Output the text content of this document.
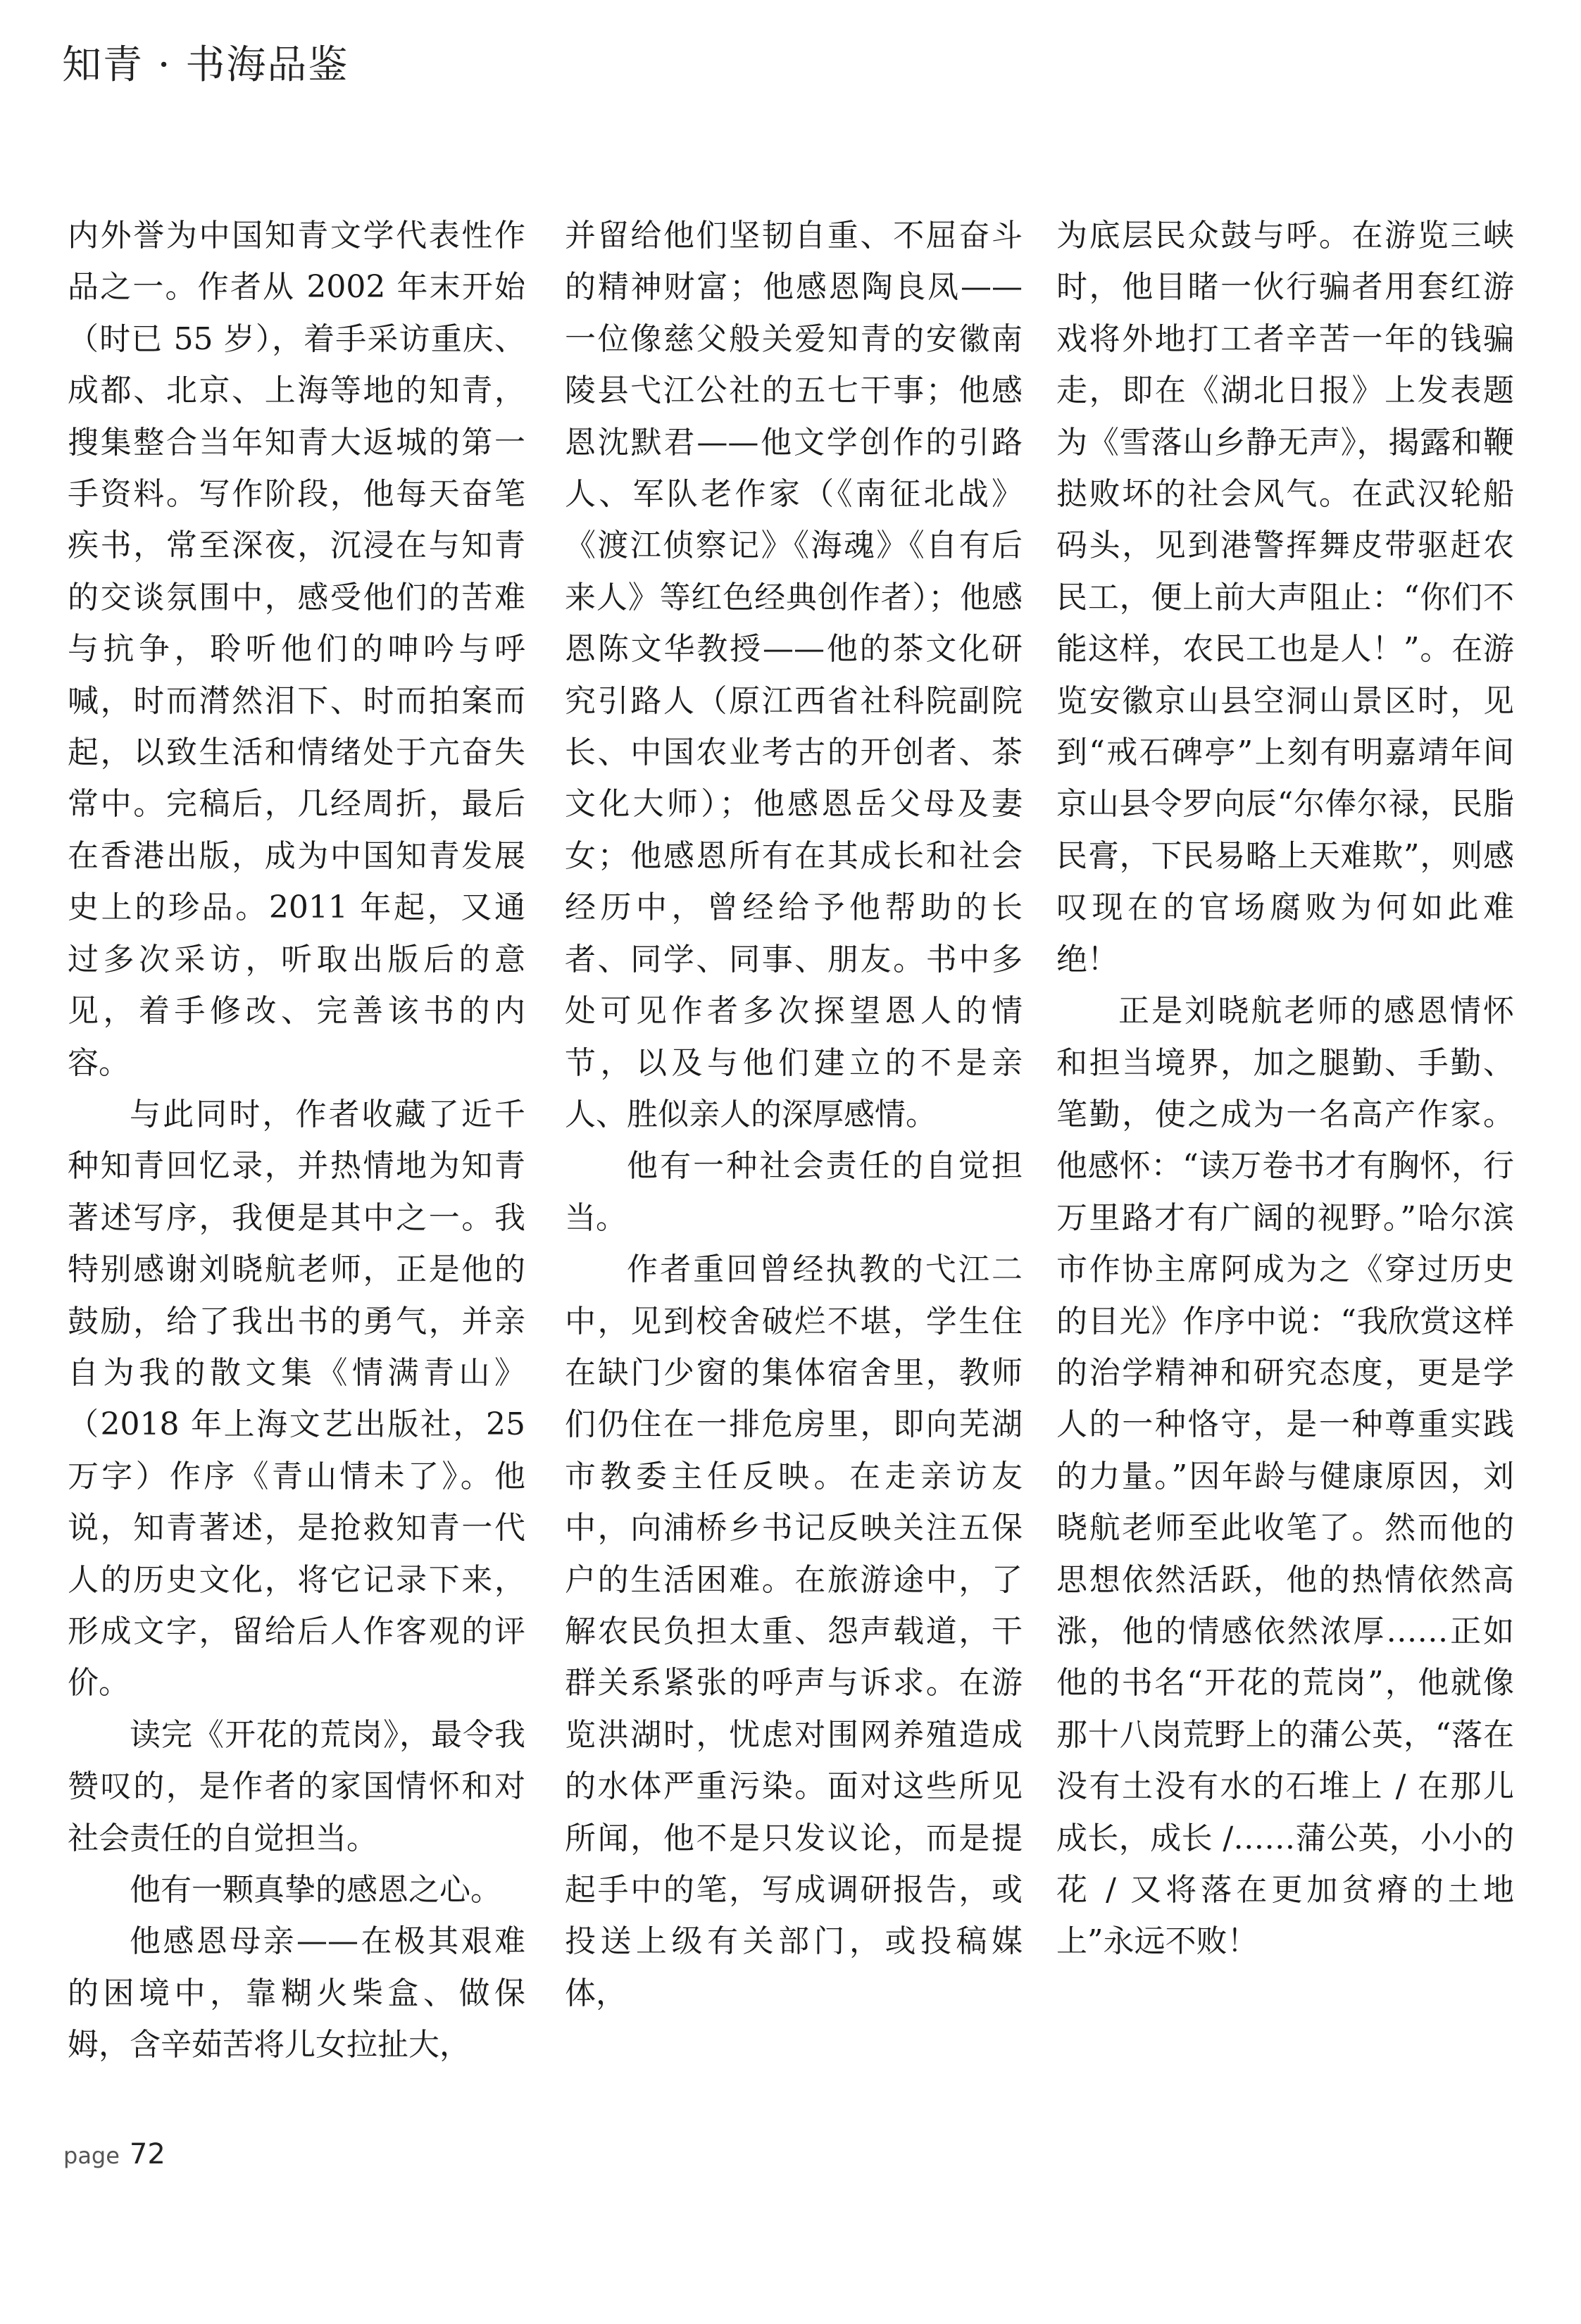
知青 · 书海品鉴

内外誉为中国知青文学代表性作品之一。作者从 2002 年末开始（时已 55 岁），着手采访重庆、成都、北京、上海等地的知青，搜集整合当年知青大返城的第一手资料。写作阶段，他每天奋笔疾书，常至深夜，沉浸在与知青的交谈氛围中，感受他们的苦难与抗争，聆听他们的呻吟与呼喊，时而潸然泪下、时而拍案而起，以致生活和情绪处于亢奋失常中。完稿后，几经周折，最后在香港出版，成为中国知青发展史上的珍品。2011 年起，又通过多次采访，听取出版后的意见，着手修改、完善该书的内容。

与此同时，作者收藏了近千种知青回忆录，并热情地为知青著述写序，我便是其中之一。我特别感谢刘晓航老师，正是他的鼓励，给了我出书的勇气，并亲自为我的散文集《情满青山》（2018 年上海文艺出版社，25 万字）作序《青山情未了》。他说，知青著述，是抢救知青一代人的历史文化，将它记录下来，形成文字，留给后人作客观的评价。

读完《开花的荒岗》，最令我赞叹的，是作者的家国情怀和对社会责任的自觉担当。

他有一颗真挚的感恩之心。

他感恩母亲——在极其艰难的困境中，靠糊火柴盒、做保姆，含辛茹苦将儿女拉扯大，

并留给他们坚韧自重、不屈奋斗的精神财富；他感恩陶良凤——一位像慈父般关爱知青的安徽南陵县弋江公社的五七干事；他感恩沈默君——他文学创作的引路人、军队老作家（《南征北战》《渡江侦察记》《海魂》《自有后来人》等红色经典创作者）；他感恩陈文华教授——他的茶文化研究引路人（原江西省社科院副院长、中国农业考古的开创者、茶文化大师）；他感恩岳父母及妻女；他感恩所有在其成长和社会经历中，曾经给予他帮助的长者、同学、同事、朋友。书中多处可见作者多次探望恩人的情节，以及与他们建立的不是亲人、胜似亲人的深厚感情。

他有一种社会责任的自觉担当。

作者重回曾经执教的弋江二中，见到校舍破烂不堪，学生住在缺门少窗的集体宿舍里，教师们仍住在一排危房里，即向芜湖市教委主任反映。在走亲访友中，向浦桥乡书记反映关注五保户的生活困难。在旅游途中，了解农民负担太重、怨声载道，干群关系紧张的呼声与诉求。在游览洪湖时，忧虑对围网养殖造成的水体严重污染。面对这些所见所闻，他不是只发议论，而是提起手中的笔，写成调研报告，或投送上级有关部门，或投稿媒体，

为底层民众鼓与呼。在游览三峡时，他目睹一伙行骗者用套红游戏将外地打工者辛苦一年的钱骗走，即在《湖北日报》上发表题为《雪落山乡静无声》，揭露和鞭挞败坏的社会风气。在武汉轮船码头，见到港警挥舞皮带驱赶农民工，便上前大声阻止：“你们不能这样，农民工也是人！”。在游览安徽京山县空洞山景区时，见到“戒石碑亭”上刻有明嘉靖年间京山县令罗向辰“尔俸尔禄，民脂民膏，下民易略上天难欺”，则感叹现在的官场腐败为何如此难绝！

正是刘晓航老师的感恩情怀和担当境界，加之腿勤、手勤、笔勤，使之成为一名高产作家。他感怀：“读万卷书才有胸怀，行万里路才有广阔的视野。”哈尔滨市作协主席阿成为之《穿过历史的目光》作序中说：“我欣赏这样的治学精神和研究态度，更是学人的一种恪守，是一种尊重实践的力量。”因年龄与健康原因，刘晓航老师至此收笔了。然而他的思想依然活跃，他的热情依然高涨，他的情感依然浓厚……正如他的书名“开花的荒岗”，他就像那十八岗荒野上的蒲公英，“落在没有土没有水的石堆上 / 在那儿成长，成长 /……蒲公英，小小的花 / 又将落在更加贫瘠的土地上”永远不败！

page 72
